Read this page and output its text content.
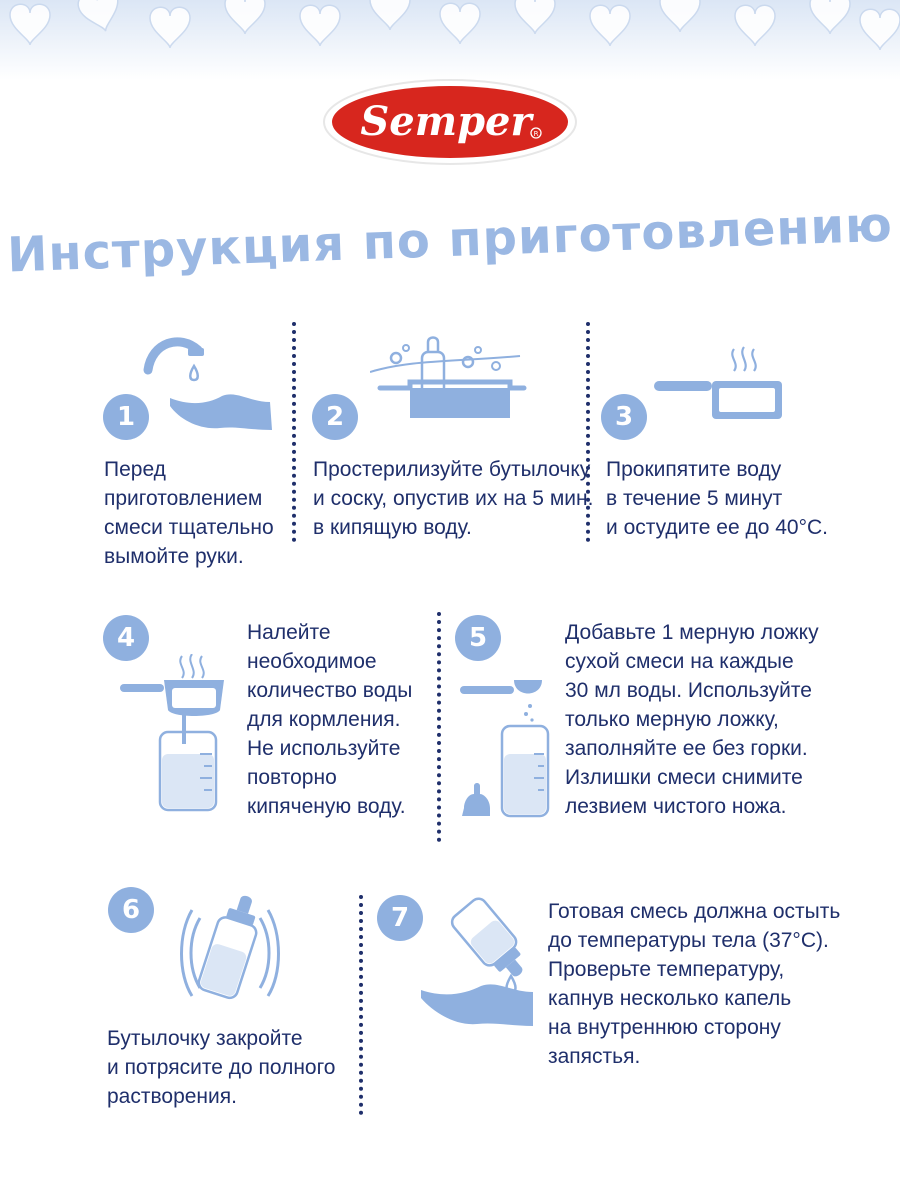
Semper R
Инструкция по приготовлению
1

Перед
приготовлением
смеси тщательно
вымойте руки.

2

Простерилизуйте бутылочку
и соску, опустив их на 5 мин.
в кипящую воду.

3

Прокипятите воду
в течение 5 минут
и остудите ее до 40°С.

4	Налейте
необходимое
количество воды
для кормления.
Не используйте
повторно
кипяченую воду.

5	Добавьте 1 мерную ложку
сухой смеси на каждые
30 мл воды. Используйте
только мерную ложку,
заполняйте ее без горки.
Излишки смеси снимите
лезвием чистого ножа.

6

Бутылочку закройте
и потрясите до полного
растворения.

7	Готовая смесь должна остыть
до температуры тела (37°С).
Проверьте температуру,
капнув несколько капель
на внутреннюю сторону
запястья.
